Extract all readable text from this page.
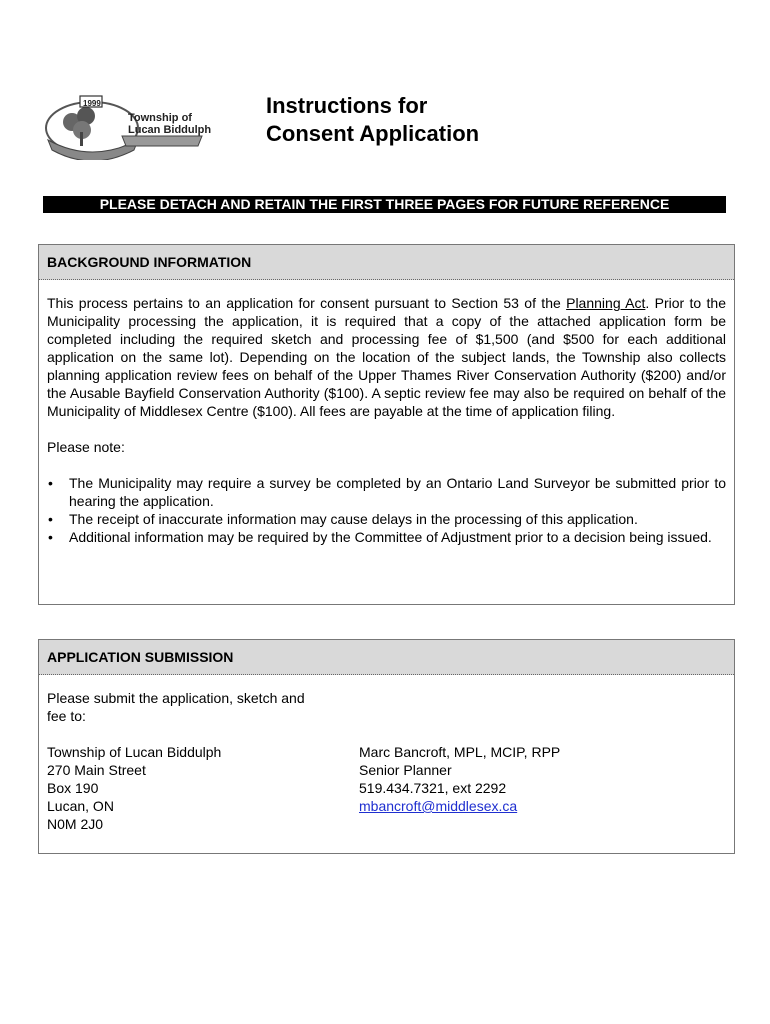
1999
Township of
Lucan Biddulph
Instructions for
Consent Application
PLEASE DETACH AND RETAIN THE FIRST THREE PAGES FOR FUTURE REFERENCE
BACKGROUND INFORMATION

This process pertains to an application for consent pursuant to Section 53 of the Planning Act. Prior to the Municipality processing the application, it is required that a copy of the attached application form be completed including the required sketch and processing fee of $1,500 (and $500 for each additional application on the same lot). Depending on the location of the subject lands, the Township also collects planning application review fees on behalf of the Upper Thames River Conservation Authority ($200) and/or the Ausable Bayfield Conservation Authority ($100). A septic review fee may also be required on behalf of the Municipality of Middlesex Centre ($100). All fees are payable at the time of application filing.

Please note:

• The Municipality may require a survey be completed by an Ontario Land Surveyor be submitted prior to hearing the application.
• The receipt of inaccurate information may cause delays in the processing of this application.
• Additional information may be required by the Committee of Adjustment prior to a decision being issued.
APPLICATION SUBMISSION
Please submit the application, sketch and
fee to:
Township of Lucan Biddulph
270 Main Street
Box 190
Lucan, ON
N0M 2J0
Marc Bancroft, MPL, MCIP, RPP
Senior Planner
519.434.7321, ext 2292
mbancroft@middlesex.ca
